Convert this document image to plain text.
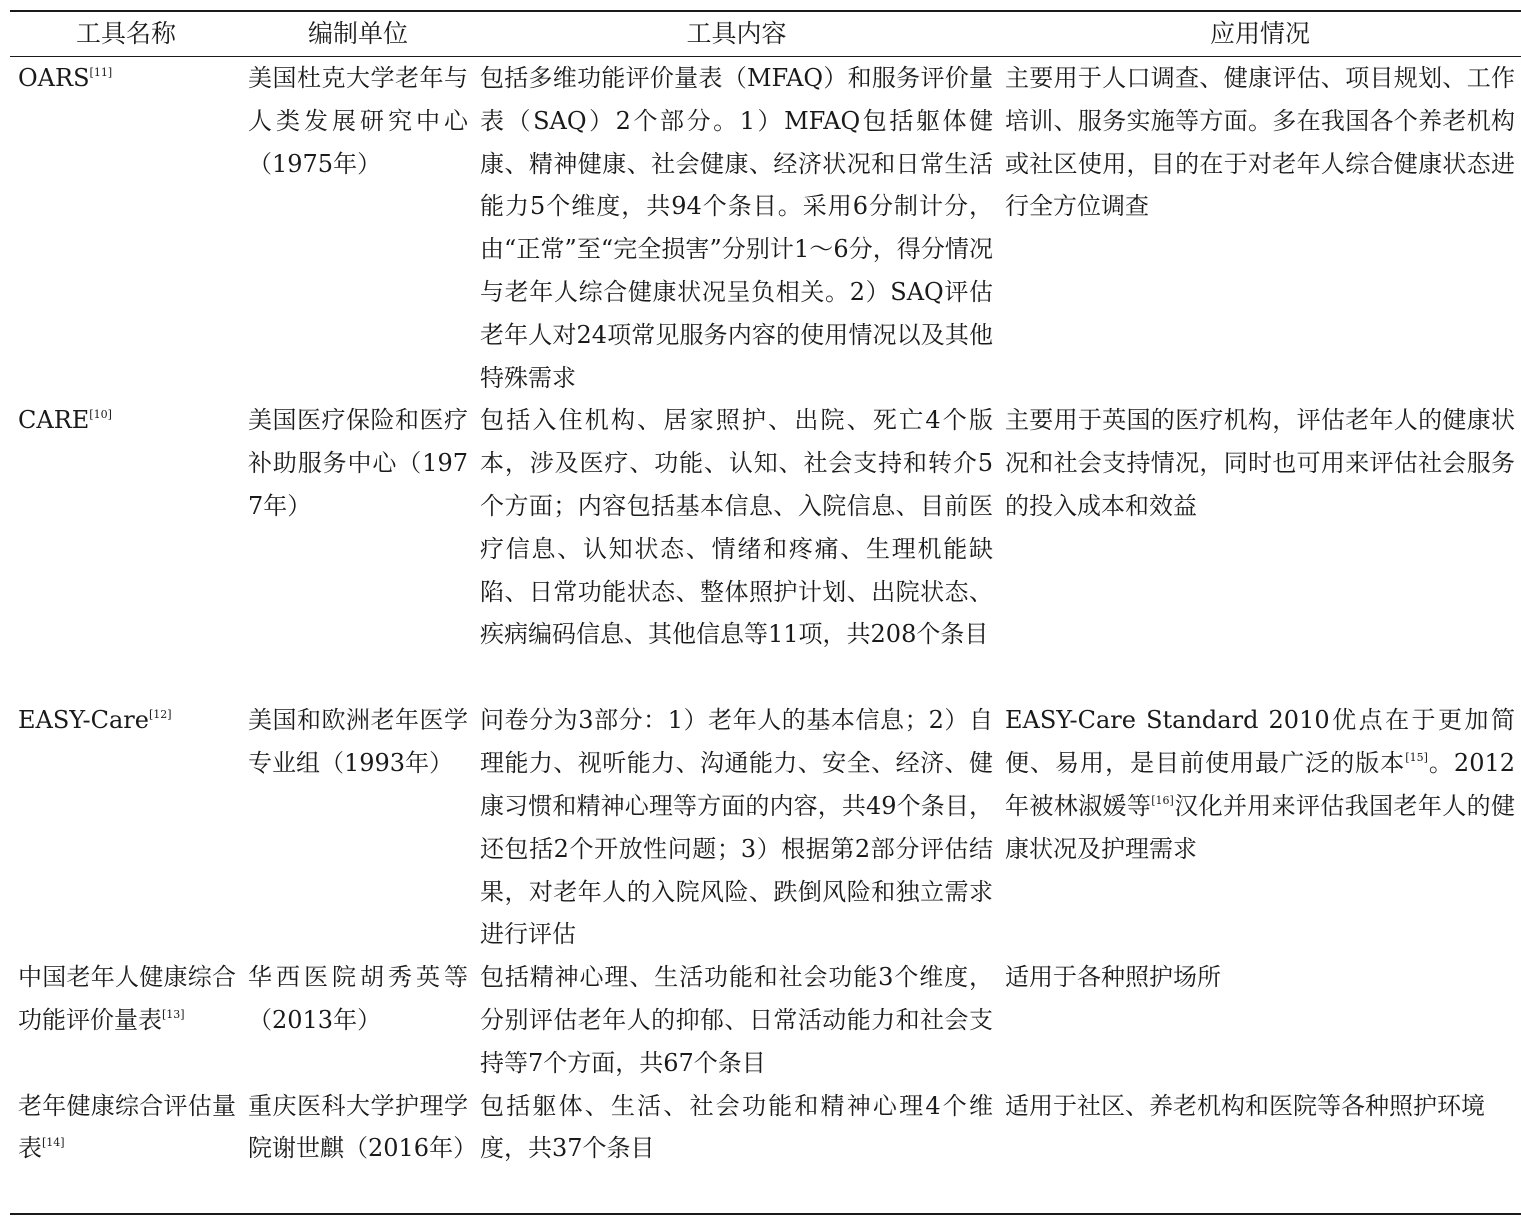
工具名称	编制单位	工具内容	应用情况
OARS[11]	美国杜克大学老年与人类发展研究中心（1975年）	包括多维功能评价量表（MFAQ）和服务评价量表（SAQ）2个部分。1）MFAQ包括躯体健康、精神健康、社会健康、经济状况和日常生活能力5个维度，共94个条目。采用6分制计分，由“正常”至“完全损害”分别计1～6分，得分情况与老年人综合健康状况呈负相关。2）SAQ评估老年人对24项常见服务内容的使用情况以及其他特殊需求	主要用于人口调查、健康评估、项目规划、工作培训、服务实施等方面。多在我国各个养老机构或社区使用，目的在于对老年人综合健康状态进行全方位调查
CARE[10]	美国医疗保险和医疗补助服务中心（1977年）	包括入住机构、居家照护、出院、死亡4个版本，涉及医疗、功能、认知、社会支持和转介5个方面；内容包括基本信息、入院信息、目前医疗信息、认知状态、情绪和疼痛、生理机能缺陷、日常功能状态、整体照护计划、出院状态、疾病编码信息、其他信息等11项，共208个条目	主要用于英国的医疗机构，评估老年人的健康状况和社会支持情况，同时也可用来评估社会服务的投入成本和效益
EASY-Care[12]	美国和欧洲老年医学专业组（1993年）	问卷分为3部分：1）老年人的基本信息；2）自理能力、视听能力、沟通能力、安全、经济、健康习惯和精神心理等方面的内容，共49个条目，还包括2个开放性问题；3）根据第2部分评估结果，对老年人的入院风险、跌倒风险和独立需求进行评估	EASY-Care Standard 2010优点在于更加简便、易用，是目前使用最广泛的版本[15]。2012年被林淑媛等[16]汉化并用来评估我国老年人的健康状况及护理需求
中国老年人健康综合功能评价量表[13]	华西医院胡秀英等（2013年）	包括精神心理、生活功能和社会功能3个维度，分别评估老年人的抑郁、日常活动能力和社会支持等7个方面，共67个条目	适用于各种照护场所
老年健康综合评估量表[14]	重庆医科大学护理学院谢世麒（2016年）	包括躯体、生活、社会功能和精神心理4个维度，共37个条目	适用于社区、养老机构和医院等各种照护环境
